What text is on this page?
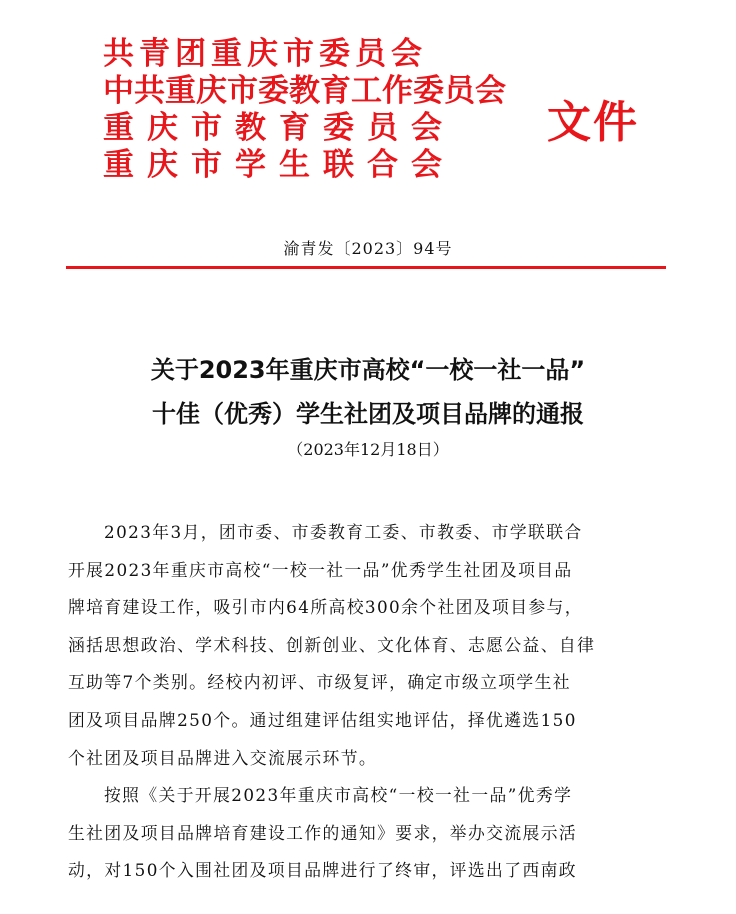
共青团重庆市委员会
中共重庆市委教育工作委员会
重庆市教育委员会
重庆市学生联合会
文件
渝青发〔2023〕94号
关于2023年重庆市高校“一校一社一品”
十佳（优秀）学生社团及项目品牌的通报
（2023年12月18日）

2023年3月，团市委、市委教育工委、市教委、市学联联合
开展2023年重庆市高校“一校一社一品”优秀学生社团及项目品
牌培育建设工作，吸引市内64所高校300余个社团及项目参与，
涵括思想政治、学术科技、创新创业、文化体育、志愿公益、自律
互助等7个类别。经校内初评、市级复评，确定市级立项学生社
团及项目品牌250个。通过组建评估组实地评估，择优遴选150
个社团及项目品牌进入交流展示环节。

按照《关于开展2023年重庆市高校“一校一社一品”优秀学
生社团及项目品牌培育建设工作的通知》要求，举办交流展示活
动，对150个入围社团及项目品牌进行了终审，评选出了西南政
